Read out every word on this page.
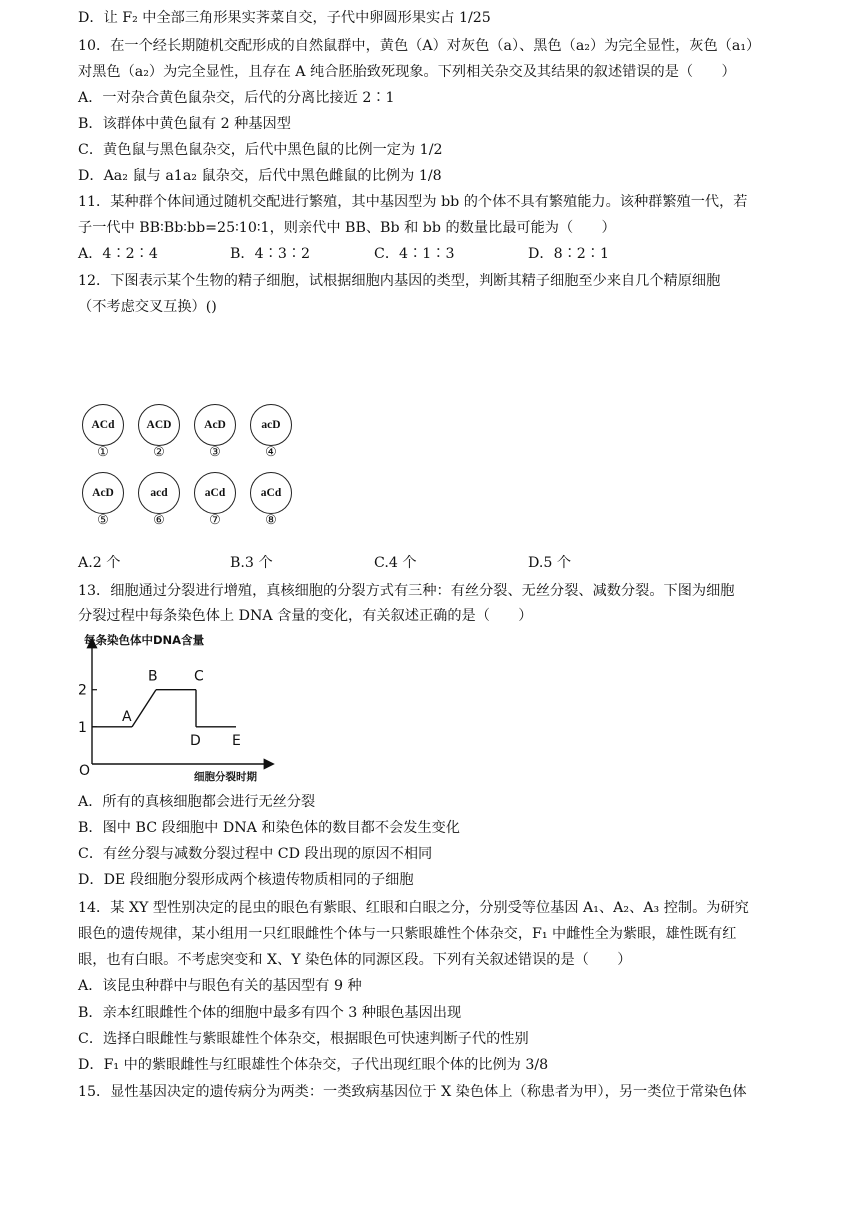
D．让 F₂ 中全部三角形果实荠菜自交，子代中卵圆形果实占 1/25
10．在一个经长期随机交配形成的自然鼠群中，黄色（A）对灰色（a）、黑色（a₂）为完全显性，灰色（a₁）
对黑色（a₂）为完全显性，且存在 A 纯合胚胎致死现象。下列相关杂交及其结果的叙述错误的是（　　）
A．一对杂合黄色鼠杂交，后代的分离比接近 2∶1
B．该群体中黄色鼠有 2 种基因型
C．黄色鼠与黑色鼠杂交，后代中黑色鼠的比例一定为 1/2
D．Aa₂ 鼠与 a1a₂ 鼠杂交，后代中黑色雌鼠的比例为 1/8
11．某种群个体间通过随机交配进行繁殖，其中基因型为 bb 的个体不具有繁殖能力。该种群繁殖一代，若
子一代中 BB∶Bb∶bb=25∶10∶1，则亲代中 BB、Bb 和 bb 的数量比最可能为（　　）
A．4∶2∶4	B．4∶3∶2	C．4∶1∶3	D．8∶2∶1
12．下图表示某个生物的精子细胞，试根据细胞内基因的类型，判断其精子细胞至少来自几个精原细胞
（不考虑交叉互换）()
ACd	ACD	AcD	acD
①	②	③	④
AcD	acd	aCd	aCd
⑤	⑥	⑦	⑧
A.2 个	B.3 个	C.4 个	D.5 个
13．细胞通过分裂进行增殖，真核细胞的分裂方式有三种：有丝分裂、无丝分裂、减数分裂。下图为细胞
分裂过程中每条染色体上 DNA 含量的变化，有关叙述正确的是（　　）
每条染色体中DNA含量
细胞分裂时期
O
1
2
A
B	C
D E
A．所有的真核细胞都会进行无丝分裂
B．图中 BC 段细胞中 DNA 和染色体的数目都不会发生变化
C．有丝分裂与减数分裂过程中 CD 段出现的原因不相同
D．DE 段细胞分裂形成两个核遗传物质相同的子细胞
14．某 XY 型性别决定的昆虫的眼色有紫眼、红眼和白眼之分，分别受等位基因 A₁、A₂、A₃ 控制。为研究
眼色的遗传规律，某小组用一只红眼雌性个体与一只紫眼雄性个体杂交，F₁ 中雌性全为紫眼，雄性既有红
眼，也有白眼。不考虑突变和 X、Y 染色体的同源区段。下列有关叙述错误的是（　　）
A．该昆虫种群中与眼色有关的基因型有 9 种
B．亲本红眼雌性个体的细胞中最多有四个 3 种眼色基因出现
C．选择白眼雌性与紫眼雄性个体杂交，根据眼色可快速判断子代的性别
D．F₁ 中的紫眼雌性与红眼雄性个体杂交，子代出现红眼个体的比例为 3/8
15．显性基因决定的遗传病分为两类：一类致病基因位于 X 染色体上（称患者为甲），另一类位于常染色体
